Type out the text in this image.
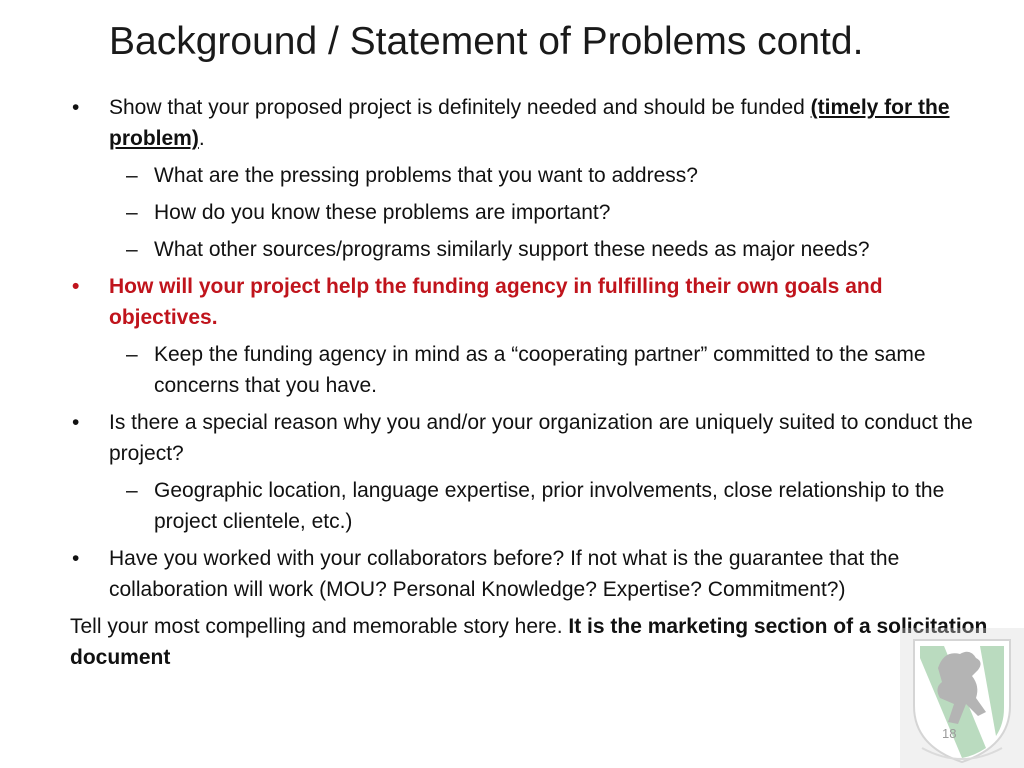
Background / Statement of Problems contd.
•	Show that your proposed project is definitely needed and should be funded (timely for the problem).
– What are the pressing problems that you want to address?
– How do you know these problems are important?
– What other sources/programs similarly support these needs as major needs?
•	How will your project help the funding agency in fulfilling their own goals and objectives.
– Keep the funding agency in mind as a “cooperating partner” committed to the same concerns that you have.
•	Is there a special reason why you and/or your organization are uniquely suited to conduct the project?
– Geographic location, language expertise, prior involvements, close relationship to the project clientele, etc.)
•	Have you worked with your collaborators before? If not what is the guarantee that the collaboration will work (MOU? Personal Knowledge? Expertise? Commitment?)
Tell your most compelling and memorable story here. It is the marketing section of a solicitation document
18
